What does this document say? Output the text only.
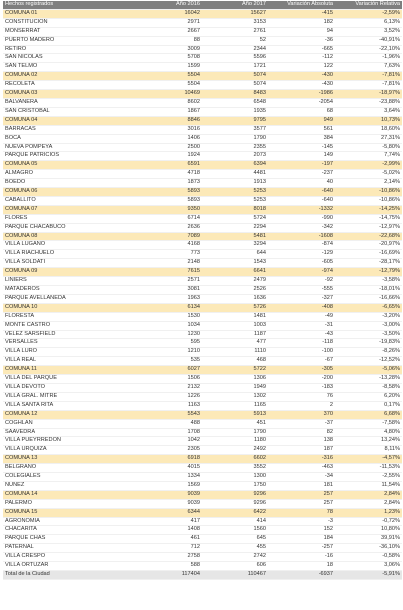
Hechos registrados	Año 2016	Año 2017	Variación Absoluta	Variación Relativa
COMUNA 01	16042	15627	-415	-2,59%
CONSTITUCION	2971	3153	182	6,13%
MONSERRAT	2667	2761	94	3,52%
PUERTO MADERO	88	52	-36	-40,91%
RETIRO	3009	2344	-665	-22,10%
SAN NICOLAS	5708	5596	-112	-1,96%
SAN TELMO	1599	1721	122	7,63%
COMUNA 02	5504	5074	-430	-7,81%
RECOLETA	5504	5074	-430	-7,81%
COMUNA 03	10469	8483	-1986	-18,97%
BALVANERA	8602	6548	-2054	-23,88%
SAN CRISTOBAL	1867	1935	68	3,64%
COMUNA 04	8846	9795	949	10,73%
BARRACAS	3016	3577	561	18,60%
BOCA	1406	1790	384	27,31%
NUEVA POMPEYA	2500	2355	-145	-5,80%
PARQUE PATRICIOS	1924	2073	149	7,74%
COMUNA 05	6591	6394	-197	-2,99%
ALMAGRO	4718	4481	-237	-5,02%
BOEDO	1873	1913	40	2,14%
COMUNA 06	5893	5253	-640	-10,86%
CABALLITO	5893	5253	-640	-10,86%
COMUNA 07	9350	8018	-1332	-14,25%
FLORES	6714	5724	-990	-14,75%
PARQUE CHACABUCO	2636	2294	-342	-12,97%
COMUNA 08	7089	5481	-1608	-22,68%
VILLA LUGANO	4168	3294	-874	-20,97%
VILLA RIACHUELO	773	644	-129	-16,69%
VILLA SOLDATI	2148	1543	-605	-28,17%
COMUNA 09	7615	6641	-974	-12,79%
LINIERS	2571	2479	-92	-3,58%
MATADEROS	3081	2526	-555	-18,01%
PARQUE AVELLANEDA	1963	1636	-327	-16,66%
COMUNA 10	6134	5726	-408	-6,65%
FLORESTA	1530	1481	-49	-3,20%
MONTE CASTRO	1034	1003	-31	-3,00%
VELEZ SARSFIELD	1230	1187	-43	-3,50%
VERSALLES	595	477	-118	-19,83%
VILLA LURO	1210	1110	-100	-8,26%
VILLA REAL	535	468	-67	-12,52%
COMUNA 11	6027	5722	-305	-5,06%
VILLA DEL PARQUE	1506	1306	-200	-13,28%
VILLA DEVOTO	2132	1949	-183	-8,58%
VILLA GRAL. MITRE	1226	1302	76	6,20%
VILLA SANTA RITA	1163	1165	2	0,17%
COMUNA 12	5543	5913	370	6,68%
COGHLAN	488	451	-37	-7,58%
SAAVEDRA	1708	1790	82	4,80%
VILLA PUEYRREDON	1042	1180	138	13,24%
VILLA URQUIZA	2305	2492	187	8,11%
COMUNA 13	6918	6602	-316	-4,57%
BELGRANO	4015	3552	-463	-11,53%
COLEGIALES	1334	1300	-34	-2,55%
NUÑEZ	1569	1750	181	11,54%
COMUNA 14	9039	9296	257	2,84%
PALERMO	9039	9296	257	2,84%
COMUNA 15	6344	6422	78	1,23%
AGRONOMIA	417	414	-3	-0,72%
CHACARITA	1408	1560	152	10,80%
PARQUE CHAS	461	645	184	39,91%
PATERNAL	712	455	-257	-36,10%
VILLA CRESPO	2758	2742	-16	-0,58%
VILLA ORTUZAR	588	606	18	3,06%
Total de la Ciudad	117404	110467	-6937	-5,91%
